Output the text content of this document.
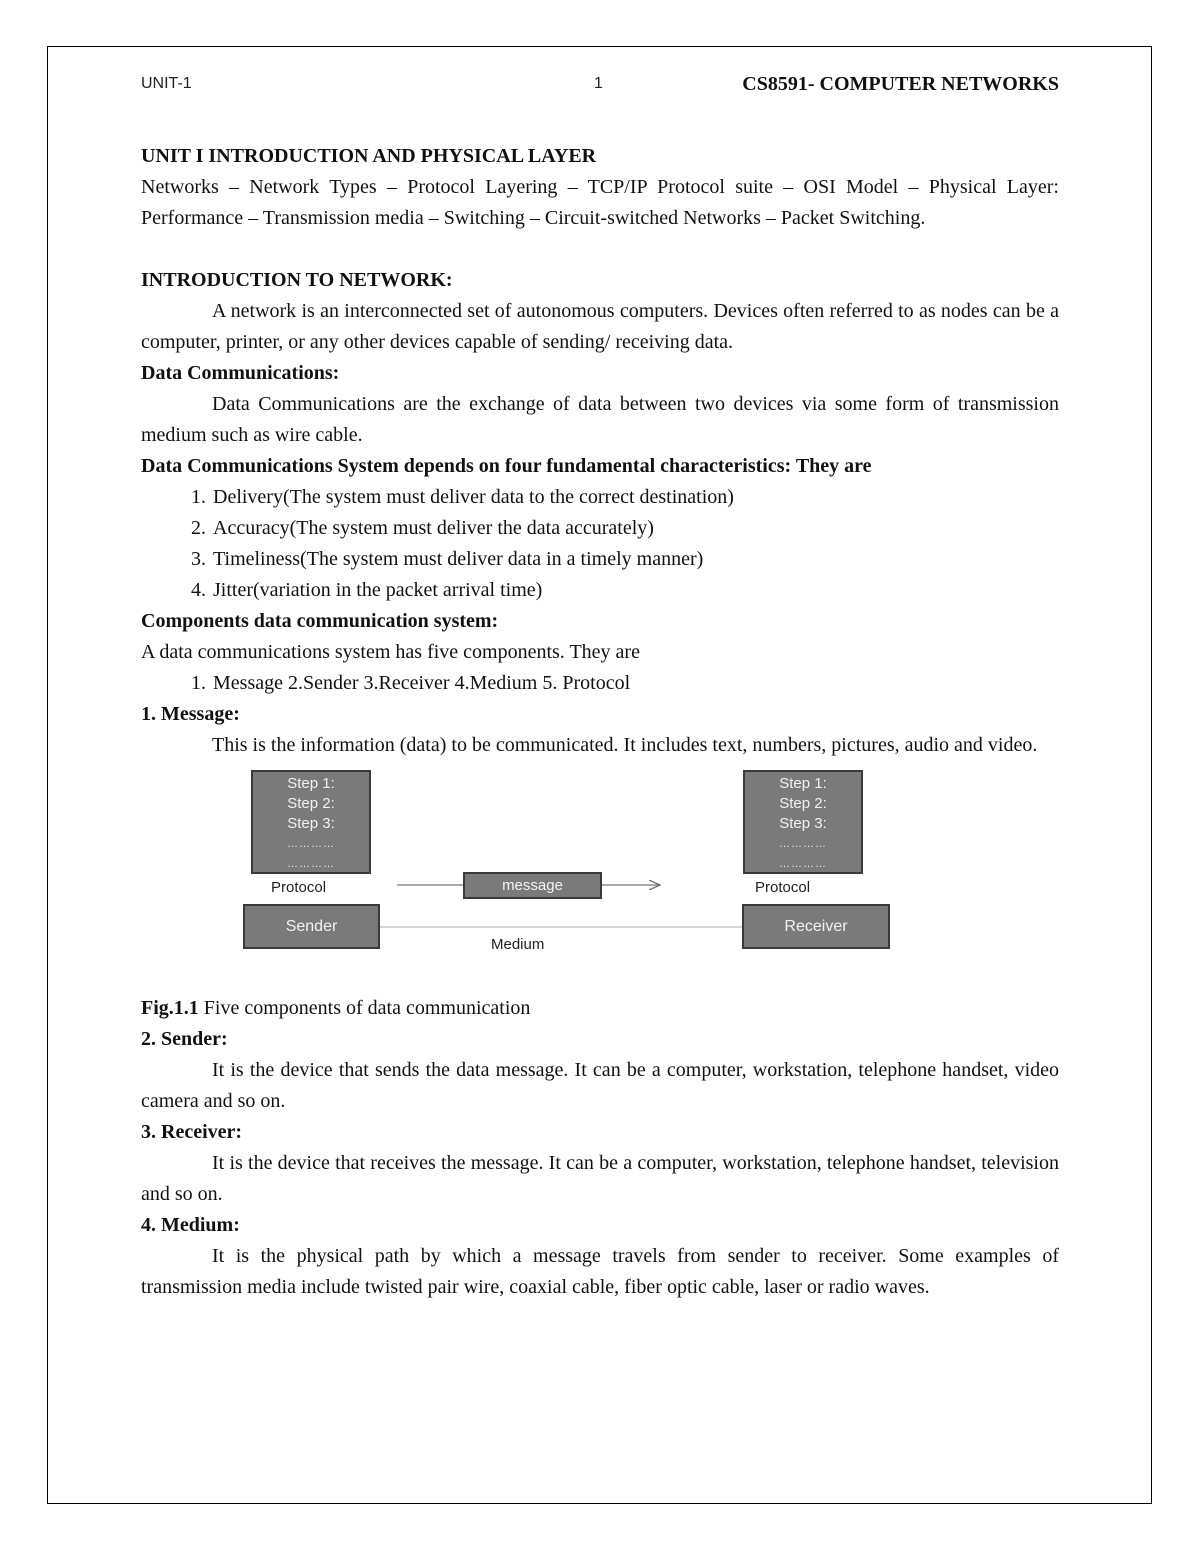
UNIT-1	1	CS8591- COMPUTER NETWORKS

UNIT I INTRODUCTION AND PHYSICAL LAYER

Networks – Network Types – Protocol Layering – TCP/IP Protocol suite – OSI Model – Physical Layer: Performance – Transmission media – Switching – Circuit-switched Networks – Packet Switching.

INTRODUCTION TO NETWORK:

A network is an interconnected set of autonomous computers. Devices often referred to as nodes can be a computer, printer, or any other devices capable of sending/ receiving data.

Data Communications:

Data Communications are the exchange of data between two devices via some form of transmission medium such as wire cable.

Data Communications System depends on four fundamental characteristics: They are

1. Delivery(The system must deliver data to the correct destination)
2. Accuracy(The system must deliver the data accurately)
3. Timeliness(The system must deliver data in a timely manner)
4. Jitter(variation in the packet arrival time)

Components data communication system:

A data communications system has five components. They are

1. Message 2.Sender 3.Receiver 4.Medium 5. Protocol

1. Message:

This is the information (data) to be communicated. It includes text, numbers, pictures, audio and video.

Step 1:
Step 2:
Step 3:
…………
…………
Protocol
Step 1:
Step 2:
Step 3:
…………
…………
Protocol
message
Sender	Receiver
Medium

Fig.1.1 Five components of data communication

2. Sender:

It is the device that sends the data message. It can be a computer, workstation, telephone handset, video camera and so on.

3. Receiver:

It is the device that receives the message. It can be a computer, workstation, telephone handset, television and so on.

4. Medium:

It is the physical path by which a message travels from sender to receiver. Some examples of transmission media include twisted pair wire, coaxial cable, fiber optic cable, laser or radio waves.
